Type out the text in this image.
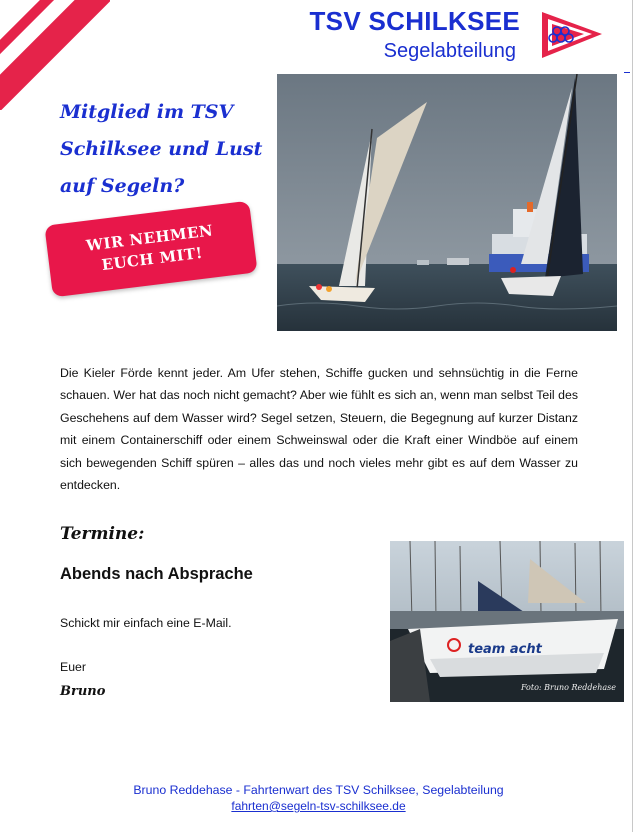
TSV SCHILKSEE
Segelabteilung
Mitglied im TSV Schilksee und Lust auf Segeln?
WIR NEHMEN EUCH MIT!
Die Kieler Förde kennt jeder. Am Ufer stehen, Schiffe gucken und sehnsüchtig in die Ferne schauen. Wer hat das noch nicht gemacht? Aber wie fühlt es sich an, wenn man selbst Teil des Geschehens auf dem Wasser wird? Segel setzen, Steuern, die Begegnung auf kurzer Distanz mit einem Containerschiff oder einem Schweinswal oder die Kraft einer Windböe auf einem sich bewegenden Schiff spüren – alles das und noch vieles mehr gibt es auf dem Wasser zu entdecken.
Termine:
Abends nach Absprache
Schickt mir einfach eine E-Mail.
Euer
Bruno
team acht
Foto: Bruno Reddehase
Bruno Reddehase - Fahrtenwart des TSV Schilksee, Segelabteilung
fahrten@segeln-tsv-schilksee.de
